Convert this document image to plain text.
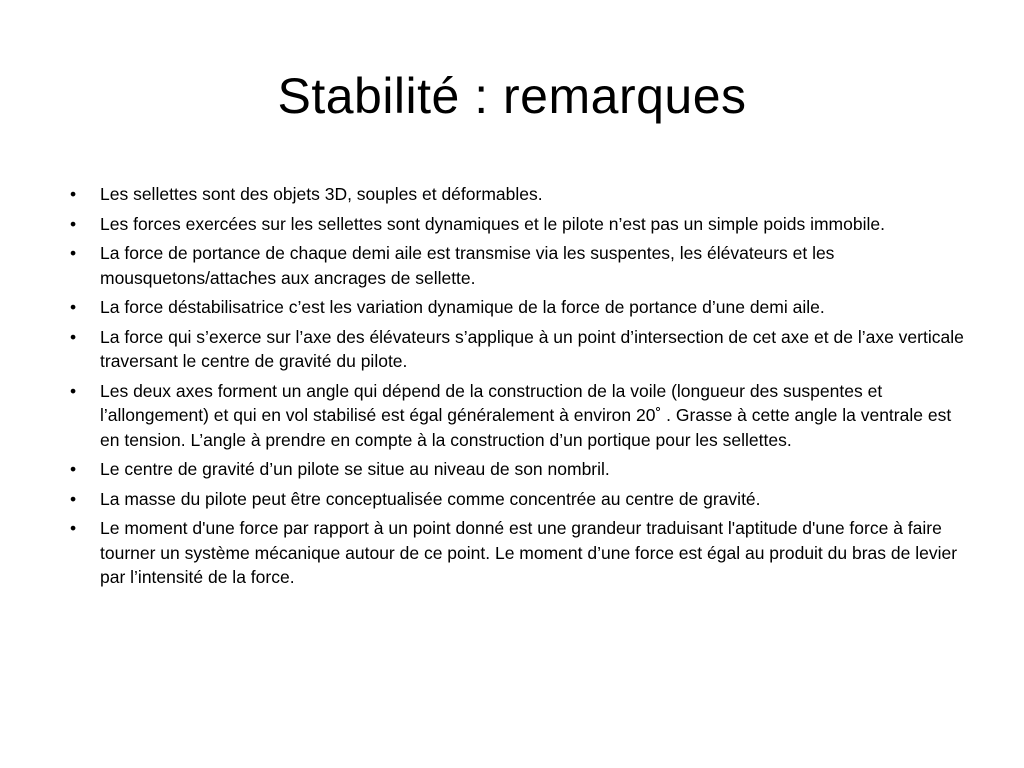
Stabilité : remarques
•	Les sellettes sont des objets 3D, souples et déformables.
•	Les forces exercées sur les sellettes sont dynamiques et le pilote n’est pas un simple poids immobile.
•	La force de portance de chaque demi aile est transmise via les suspentes, les élévateurs et les mousquetons/attaches aux ancrages de sellette.
•	La force déstabilisatrice c’est les variation dynamique de la force de portance d’une demi aile.
•	La force qui s’exerce sur l’axe des élévateurs s’applique à un point d’intersection de cet axe et de l’axe verticale traversant le centre de gravité du pilote.
•	Les deux axes forment un angle qui dépend de la construction de la voile (longueur des suspentes et l’allongement) et qui en vol stabilisé est égal généralement à environ 20˚ . Grasse à cette angle la ventrale est en tension. L’angle à prendre en compte à la construction d’un portique pour les sellettes.
•	Le centre de gravité d’un pilote se situe au niveau de son nombril.
•	La masse du pilote peut être conceptualisée comme concentrée au centre de gravité.
•	Le moment d'une force par rapport à un point donné est une grandeur traduisant l'aptitude d'une force à faire tourner un système mécanique autour de ce point. Le moment d’une force est égal au produit du bras de levier par l’intensité de la force.
